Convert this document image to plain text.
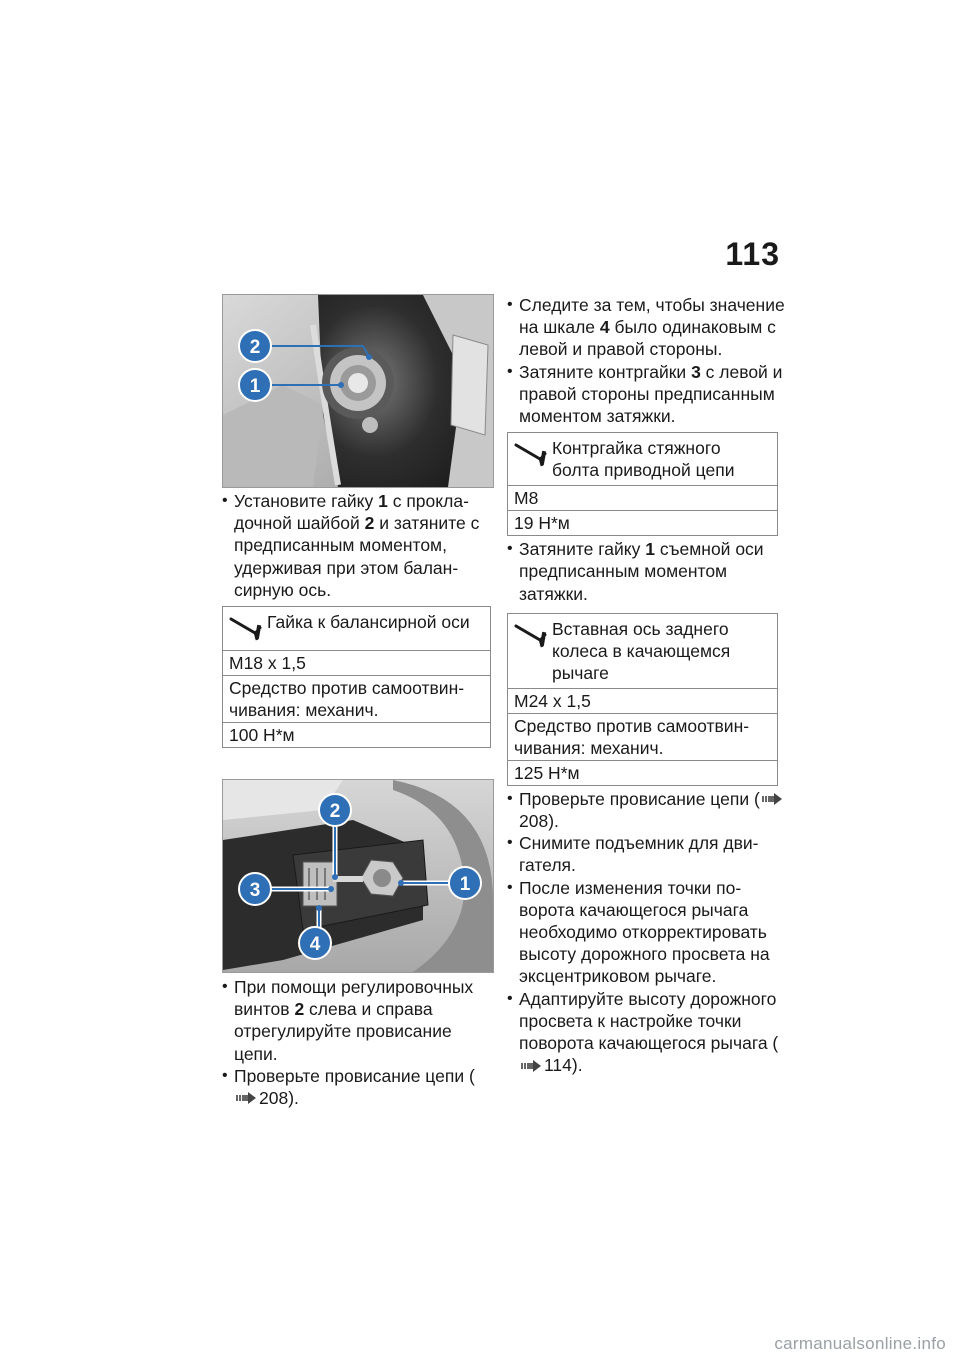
113
2
1

• Установите гайку 1 с прокладочной шайбой 2 и затяните с предписанным моментом, удерживая при этом балансирную ось.

Гайка к балансирной оси
M18 x 1,5
Средство против самоотвинчивания: механич.
100 Н*м
2
3	1
4

• При помощи регулировочных винтов 2 слева и справа отрегулируйте провисание цепи.

• Проверьте провисание цепи (208).

• Следите за тем, чтобы значение на шкале 4 было одинаковым с левой и правой стороны.

• Затяните контргайки 3 с левой и правой стороны предписанным моментом затяжки.

Контргайка стяжного болта приводной цепи
M8
19 Н*м

• Затяните гайку 1 съемной оси предписанным моментом затяжки.

Вставная ось заднего колеса в качающемся рычаге
M24 x 1,5
Средство против самоотвинчивания: механич.
125 Н*м

• Проверьте провисание цепи (208).

• Снимите подъемник для двигателя.

• После изменения точки поворота качающегося рычага необходимо откорректировать высоту дорожного просвета на эксцентриковом рычаге.

• Адаптируйте высоту дорожного просвета к настройке точки поворота качающегося рычага (114).

carmanualsonline.info
